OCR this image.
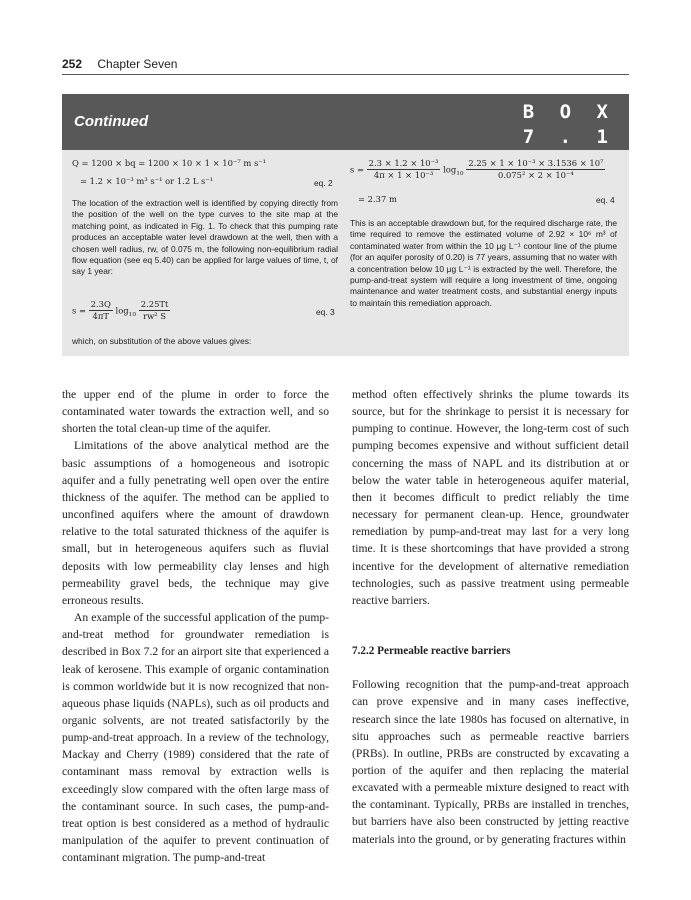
252 Chapter Seven
Continued	B O X
7 . 1
Q = 1200 × bq = 1200 × 10 × 1 × 10⁻⁷ m s⁻¹
= 1.2 × 10⁻³ m³ s⁻¹ or 1.2 L s⁻¹	eq. 2
The location of the extraction well is identified by copying directly from the position of the well on the type curves to the site map at the matching point, as indicated in Fig. 1. To check that this pumping rate produces an acceptable water level drawdown at the well, then with a chosen well radius, rw, of 0.075 m, the following non-equilibrium radial flow equation (see eq 5.40) can be applied for large values of time, t, of say 1 year:
$s = \frac{2.3Q}{4\pi T} \log_{10} \frac{2.25Tt}{\text{rw² S}}$	eq. 3
which, on substitution of the above values gives:
$s = \frac{\text{2.3 × 1.2 × 10⁻³}}{\text{4π × 1 × 10⁻³}} \log_{10} \frac{\text{2.25 × 1 × 10⁻³ × 3.1536 × 10⁷}}{\text{0.075² × 2 × 10⁻⁴}}$
= 2.37 m	eq. 4
This is an acceptable drawdown but, for the required discharge rate, the time required to remove the estimated volume of 2.92 × 10⁶ m³ of contaminated water from within the 10 μg L⁻¹ contour line of the plume (for an aquifer porosity of 0.20) is 77 years, assuming that no water with a concentration below 10 μg L⁻¹ is extracted by the well. Therefore, the pump-and-treat system will require a long investment of time, ongoing maintenance and water treatment costs, and substantial energy inputs to maintain this remediation approach.

the upper end of the plume in order to force the contaminated water towards the extraction well, and so shorten the total clean-up time of the aquifer.

Limitations of the above analytical method are the basic assumptions of a homogeneous and isotropic aquifer and a fully penetrating well open over the entire thickness of the aquifer. The method can be applied to unconfined aquifers where the amount of drawdown relative to the total saturated thickness of the aquifer is small, but in heterogeneous aquifers such as fluvial deposits with low permeability clay lenses and high permeability gravel beds, the technique may give erroneous results.

An example of the successful application of the pump-and-treat method for groundwater remediation is described in Box 7.2 for an airport site that experienced a leak of kerosene. This example of organic contamination is common worldwide but it is now recognized that non-aqueous phase liquids (NAPLs), such as oil products and organic solvents, are not treated satisfactorily by the pump-and-treat approach. In a review of the technology, Mackay and Cherry (1989) considered that the rate of contaminant mass removal by extraction wells is exceedingly slow compared with the often large mass of the contaminant source. In such cases, the pump-and-treat option is best considered as a method of hydraulic manipulation of the aquifer to prevent continuation of contaminant migration. The pump-and-treat

method often effectively shrinks the plume towards its source, but for the shrinkage to persist it is necessary for pumping to continue. However, the long-term cost of such pumping becomes expensive and without sufficient detail concerning the mass of NAPL and its distribution at or below the water table in heterogeneous aquifer material, then it becomes difficult to predict reliably the time necessary for permanent clean-up. Hence, groundwater remediation by pump-and-treat may last for a very long time. It is these shortcomings that have provided a strong incentive for the development of alternative remediation technologies, such as passive treatment using permeable reactive barriers.

7.2.2 Permeable reactive barriers

Following recognition that the pump-and-treat approach can prove expensive and in many cases ineffective, research since the late 1980s has focused on alternative, in situ approaches such as permeable reactive barriers (PRBs). In outline, PRBs are constructed by excavating a portion of the aquifer and then replacing the material excavated with a permeable mixture designed to react with the contaminant. Typically, PRBs are installed in trenches, but barriers have also been constructed by jetting reactive materials into the ground, or by generating fractures within
